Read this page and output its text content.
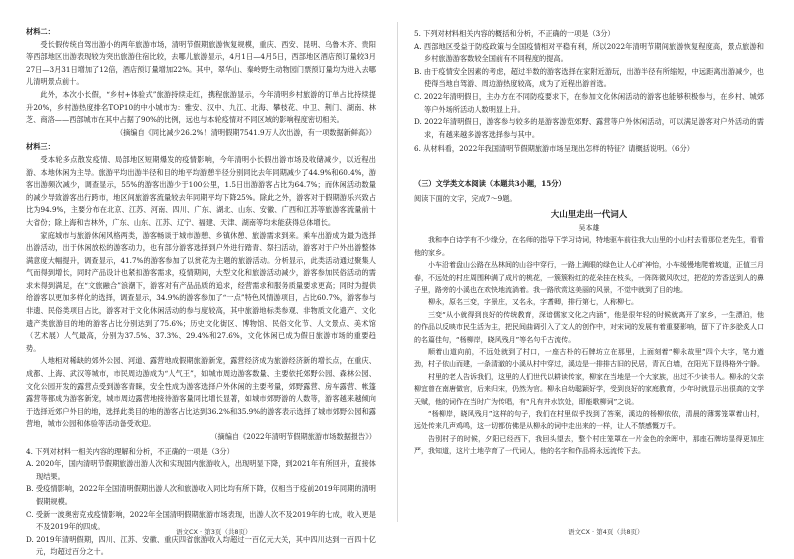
材料二：

受长假传统自驾出游小的两年旅游市场，清明节假期旅游恢复规模，重庆、西安、昆明、乌鲁木齐、贵阳等西部地区出游表现较为突出旅游住宿比较，去哪儿旅游显示，4月1日—4月5日，西部地区酒店预订量较3月27日—3月31日增加了12倍，酒店预订量增加22%。其中，翠华山、秦岭野生动物园门票预订量均为进入去哪儿清明景点前十。

此外，本次小长假，“乡村+体验式”旅游持续走红，携程旅游显示，今年清明乡村旅游的订单占比持续提升20%，乡村游热度排名TOP10的中小城市为：雅安、汉中、九江、北海、攀枝花、中卫、荆门、湖南、林芝、商洛——西部城市在其中占据了90%的比例，远也与本轮疫情对不同区域的影响程度密切相关。

（摘编自《同比减少26.2%！清明假期7541.9万人次出游，有一项数据新鲜高》）

材料三：

受本轮多点散发疫情、局部地区短期爆发的疫情影响，今年清明小长假出游市场及收储减少，以近程出游、本地休闲为主导。旅游平均出游半径和目的地平均游憩半径分别同比去年同期减少了44.9%和60.4%，游客出游频次减少，调查显示，55%的游客出游少于100公里，1.5日出游游客占比为64.7%；而休闲活动数量的减少导致游客出行跨市，地区间旅游客流量较去年同期平均下降25%。除此之外，游客对于假期游乐兴致占比为94.9%，主要分布在北京、江苏、河南、四川、广东、湖北、山东、安徽、广西和江苏等旅游客流量前十大省份；除上海和吉林外，广东、山东、江苏、辽宁、福建、天津、湖南等均未能获得总体增长。

家庭城市与旅游休闲风格两类，游客畅谈于城市游憩、乡镇休憩、旅游需求到来。乘车出游成为最为选择出游活动，出于休闲放松的游客动力，也有部分游客选择到户外进行踏青、祭扫活动，游客对于户外出游整体满意度大幅提升，调查显示，41.7%的游客参加了以赏花为主题的旅游活动。分析显示，此类活动通过聚集人气而得到增长，同时产品设计也紧扣游客需求，疫情期间，大型文化和旅游活动减少，游客参加民俗活动的需求未得到满足，在“文旅融合”浪潮下，游客对有产品品质的追求，经营需求和服务质量要求更高；同时为提供给游客以更加多样化的选择，调查显示，34.9%的游客参加了“一点”特色风情游项目，占比60.7%，游客参与非遗、民俗类项目占比，游客对于文化休闲活动的参与度较高，其中旅游地标类参观、非物质文化遗产、文化遗产类旅游目的地的游客占比分别达到了75.6%；历史文化街区、博物馆、民俗文化节、人文景点、美术馆（艺术展）人气最高，分别为37.5%、37.3%、29.4%和27.6%，文化休闲已成为假日旅游市场的重要趋势。

人地相对稀缺的郊外公园、河道、露营地成假期旅游新宠，露营经济成为旅游经济新的增长点，在重庆、成都、上海、武汉等城市，市民周边游成为“人气王”，如城市周边游客数量、主要依托郊野公园、森林公园、文化公园开发的露营点受到游客青睐，安全性成为游客选择户外休闲的主要考量，郊野露营、房车露营、帐篷露营等都成为游客新宠，城市周边露营地接待游客量同比增长显著，如城市郊野游的人数等，游客越来越倾向于选择近郊户外目的地，选择此类目的地的游客占比达到36.2%和35.9%的游客表示选择了城市郊野公园和露营地，城市公园和体验等活动备受欢迎。

（摘编自《2022年清明节假期旅游市场数据报告》）

4. 下列对材料一相关内容的理解和分析，不正确的一项是（3分）

A. 2020年，国内清明节假期旅游出游人次和实现国内旅游收入，出现明显下降，到2021年有所回升，直接体现结果。

B. 受疫情影响，2022年全国清明假期出游人次和旅游收入同比均有所下降，仅相当于疫前2019年同期的清明假期规模。

C. 受新一波奥密克戎疫情影响，2022年全国清明假期旅游市场表现，出游人次不及2019年的七成，收入更是不及2019年的四成。

D. 2019年清明假期，四川、江苏、安徽、重庆四省旅游收入均超过一百亿元大关，其中四川达到一百四十亿元，均超过百分之十。

5. 下列对材料相关内容的概括和分析，不正确的一项是（3分）

A. 西部地区受益于防疫政策与全国疫情相对平稳有利，所以2022年清明节期间旅游恢复程度高，景点旅游和乡村旅游游客数较全国前有不同程度的提高。

B. 由于疫情安全因素的考虑，超过半数的游客选择在家附近游玩，出游半径有所缩短，中远距离出游减少，也使得当地自驾游、周边游热度较高，成为了近程出游首选。

C. 2022年清明假日，主办方在不同防疫要求下，在参加文化休闲活动的游客也能够积极参与，在乡村、城郊等户外场所活动人数明显上升。

D. 2022年清明假日，游客参与较多的是游客游览郊野、露营等户外休闲活动，可以满足游客对户外活动的需求，有越来越多游客选择参与其中。

6. 从材料看，2022年我国清明节假期旅游市场呈现出怎样的特征？请概括说明。（6分）

（三）文学类文本阅读（本题共3小题，15分）

阅读下面的文字，完成7～9题。

大山里走出一代词人

吴本雄

我和李白诗学有不少缘分，在名师的指导下学习诗词，特地驱车前往我大山里的小山村去看那位老先生，看看他的家乡。

小车沿着盘山公路在丛林间的山谷中穿行，一路上满眼的绿色让人心旷神怡，小车缓慢地爬着坡道，正值三月春，不远处的村庄周围种满了成片的桃花，一簇簇粉红的花朵挂在枝头，一阵阵微风吹过，把花的芳香送到人的鼻子里，路旁的小溪也在欢快地流淌着。我一路欣赏这美丽的风景，不觉中就到了目的地。

柳永，原名三变，字景庄，又名永，字耆卿，排行第七，人称柳七。

三变“从小就得到良好的传统教育，深谙儒家文化之内涵”，他是很年轻的时候就离开了家乡，一生漂泊，他的作品以反映市民生活为主，把民间曲调引入了文人的创作中，对宋词的发展有着重要影响，留下了许多脍炙人口的名篇佳句，“杨柳岸，晓风残月”等名句千古流传。

顺着山道向前，不远处就到了村口，一座古朴的石牌坊立在那里，上面刻着“柳永故里”四个大字，笔力遒劲，村子依山而建，一条清澈的小溪从村中穿过，溪边是一排排古旧的民居，青瓦白墙，在阳光下显得格外宁静。

村里的老人告诉我们，这里的人们世代以耕读传家，柳家在当地是一个大家族，出过不少读书人。柳永的父亲柳宜曾在南唐做官，后来归宋，仍然为官。柳永自幼聪颖好学，受到良好的家庭教育，少年时就显示出很高的文学天赋，他的词作在当时广为传唱，有“凡有井水饮处，即能歌柳词”之说。

“杨柳岸，晓风残月”这样的句子，我们在村里似乎找到了答案，溪边的杨柳依依，清晨的薄雾笼罩着山村，远处传来几声鸡鸣，这一切都仿佛是从柳永的词中走出来的一样，让人不禁感慨万千。

告别村子的时候，夕阳已经西下，我回头望去，整个村庄笼罩在一片金色的余晖中，那座石牌坊显得更加庄严，我知道，这片土地孕育了一代词人，他的名字和作品将永远流传下去。

语文CX · 第3页（共8页）	语文CX · 第4页（共8页）
